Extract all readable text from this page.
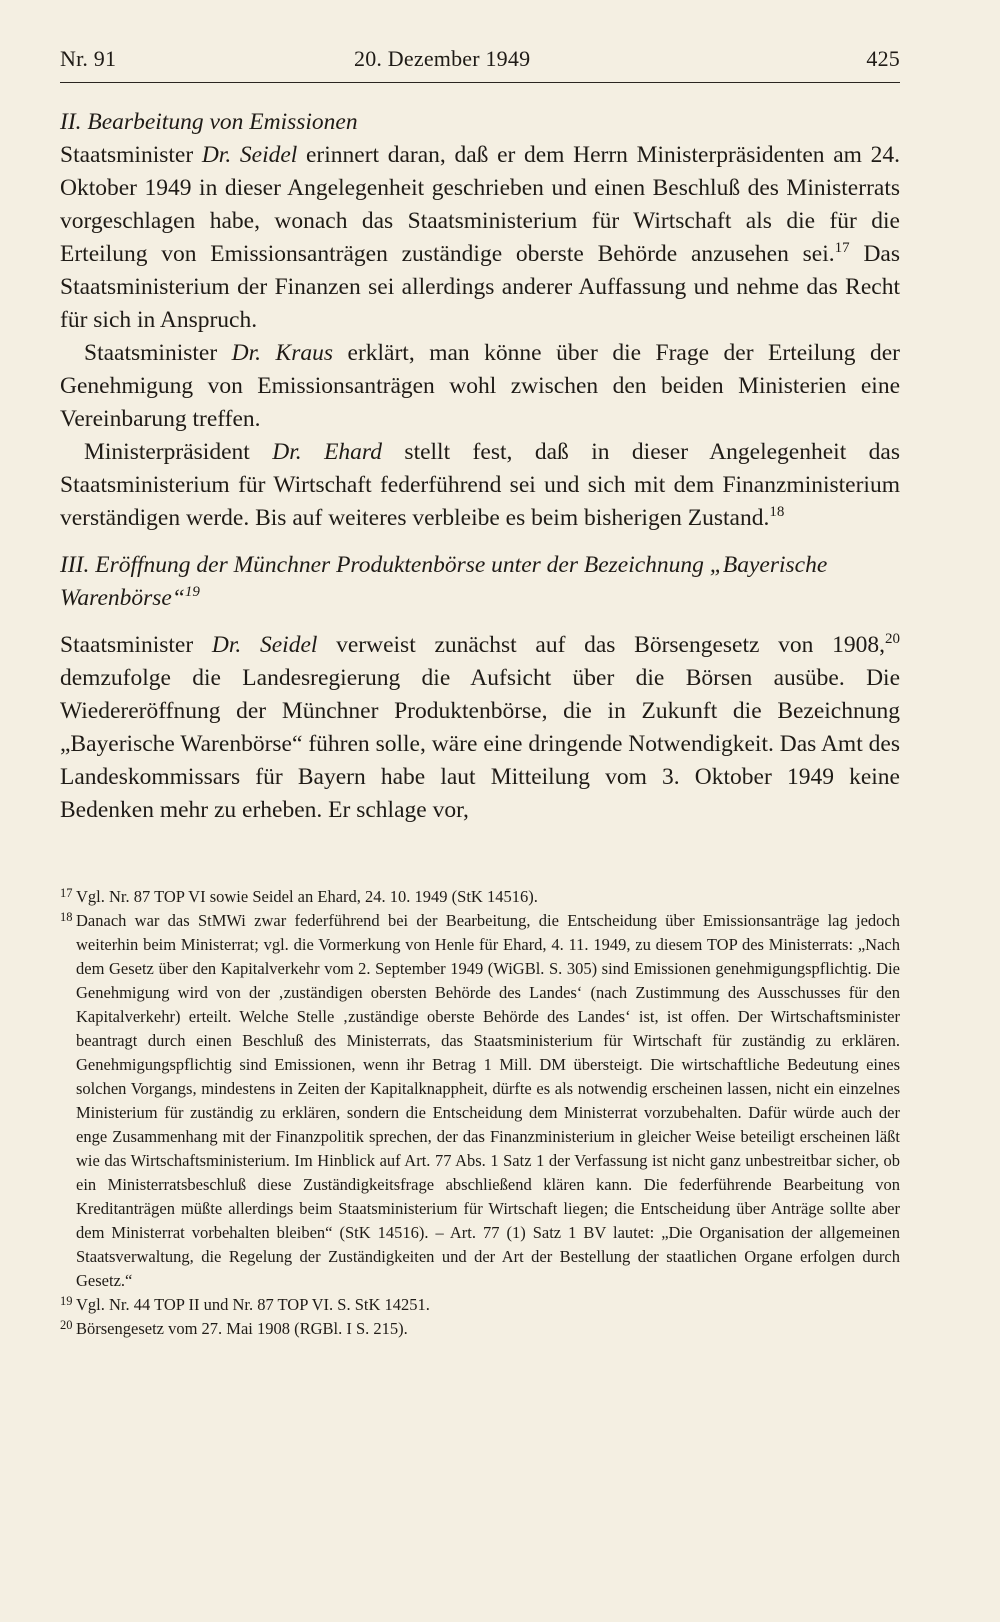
Nr. 91	20. Dezember 1949	425

II. Bearbeitung von Emissionen

Staatsminister Dr. Seidel erinnert daran, daß er dem Herrn Ministerpräsidenten am 24. Oktober 1949 in dieser Angelegenheit geschrieben und einen Beschluß des Ministerrats vorgeschlagen habe, wonach das Staatsministerium für Wirtschaft als die für die Erteilung von Emissionsanträgen zuständige oberste Behörde anzusehen sei.$^{17}$ Das Staatsministerium der Finanzen sei allerdings anderer Auffassung und nehme das Recht für sich in Anspruch.

Staatsminister Dr. Kraus erklärt, man könne über die Frage der Erteilung der Genehmigung von Emissionsanträgen wohl zwischen den beiden Ministerien eine Vereinbarung treffen.

Ministerpräsident Dr. Ehard stellt fest, daß in dieser Angelegenheit das Staatsministerium für Wirtschaft federführend sei und sich mit dem Finanzministerium verständigen werde. Bis auf weiteres verbleibe es beim bisherigen Zustand.$^{18}$

III. Eröffnung der Münchner Produktenbörse unter der Bezeichnung „Bayerische Warenbörse“$^{19}$

Staatsminister Dr. Seidel verweist zunächst auf das Börsengesetz von 1908,20 demzufolge die Landesregierung die Aufsicht über die Börsen ausübe. Die Wiedereröffnung der Münchner Produktenbörse, die in Zukunft die Bezeichnung „Bayerische Warenbörse“ führen solle, wäre eine dringende Notwendigkeit. Das Amt des Landeskommissars für Bayern habe laut Mitteilung vom 3. Oktober 1949 keine Bedenken mehr zu erheben. Er schlage vor,

17 Vgl. Nr. 87 TOP VI sowie Seidel an Ehard, 24. 10. 1949 (StK 14516).
18 Danach war das StMWi zwar federführend bei der Bearbeitung, die Entscheidung über Emissionsanträge lag jedoch weiterhin beim Ministerrat; vgl. die Vormerkung von Henle für Ehard, 4. 11. 1949, zu diesem TOP des Ministerrats: „Nach dem Gesetz über den Kapitalverkehr vom 2. September 1949 (WiGBl. S. 305) sind Emissionen genehmigungspflichtig. Die Genehmigung wird von der ‚zuständigen obersten Behörde des Landes‘ (nach Zustimmung des Ausschusses für den Kapitalverkehr) erteilt. Welche Stelle ‚zuständige oberste Behörde des Landes‘ ist, ist offen. Der Wirtschaftsminister beantragt durch einen Beschluß des Ministerrats, das Staatsministerium für Wirtschaft für zuständig zu erklären. Genehmigungspflichtig sind Emissionen, wenn ihr Betrag 1 Mill. DM übersteigt. Die wirtschaftliche Bedeutung eines solchen Vorgangs, mindestens in Zeiten der Kapitalknappheit, dürfte es als notwendig erscheinen lassen, nicht ein einzelnes Ministerium für zuständig zu erklären, sondern die Entscheidung dem Ministerrat vorzubehalten. Dafür würde auch der enge Zusammenhang mit der Finanzpolitik sprechen, der das Finanzministerium in gleicher Weise beteiligt erscheinen läßt wie das Wirtschaftsministerium. Im Hinblick auf Art. 77 Abs. 1 Satz 1 der Verfassung ist nicht ganz unbestreitbar sicher, ob ein Ministerratsbeschluß diese Zuständigkeitsfrage abschließend klären kann. Die federführende Bearbeitung von Kreditanträgen müßte allerdings beim Staatsministerium für Wirtschaft liegen; die Entscheidung über Anträge sollte aber dem Ministerrat vorbehalten bleiben“ (StK 14516). – Art. 77 (1) Satz 1 BV lautet: „Die Organisation der allgemeinen Staatsverwaltung, die Regelung der Zuständigkeiten und der Art der Bestellung der staatlichen Organe erfolgen durch Gesetz.“
19 Vgl. Nr. 44 TOP II und Nr. 87 TOP VI. S. StK 14251.
20 Börsengesetz vom 27. Mai 1908 (RGBl. I S. 215).
